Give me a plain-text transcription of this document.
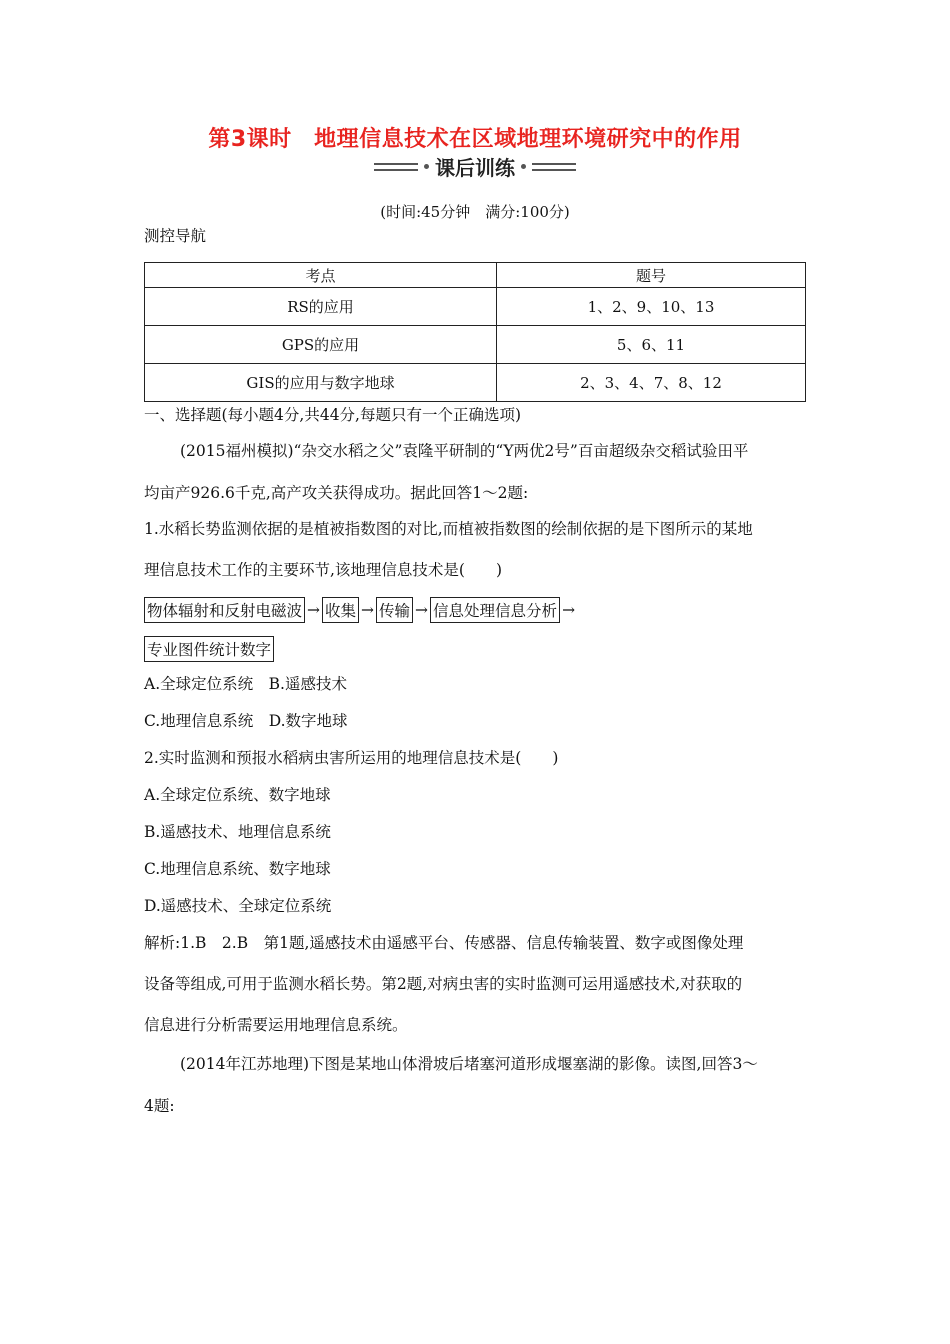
第3课时　地理信息技术在区域地理环境研究中的作用
课后训练
(时间:45分钟　满分:100分)
测控导航
考点	题号
RS的应用	1、2、9、10、13
GPS的应用	5、6、11
GIS的应用与数字地球	2、3、4、7、8、12
一、选择题(每小题4分,共44分,每题只有一个正确选项)
(2015福州模拟)“杂交水稻之父”袁隆平研制的“Y两优2号”百亩超级杂交稻试验田平
均亩产926.6千克,高产攻关获得成功。据此回答1～2题:
1.水稻长势监测依据的是植被指数图的对比,而植被指数图的绘制依据的是下图所示的某地
理信息技术工作的主要环节,该地理信息技术是(　　)
物体辐射和反射电磁波 → 收集 → 传输 → 信息处理信息分析 →
专业图件统计数字
A.全球定位系统　B.遥感技术
C.地理信息系统　D.数字地球
2.实时监测和预报水稻病虫害所运用的地理信息技术是(　　)
A.全球定位系统、数字地球
B.遥感技术、地理信息系统
C.地理信息系统、数字地球
D.遥感技术、全球定位系统
解析:1.B　2.B　第1题,遥感技术由遥感平台、传感器、信息传输装置、数字或图像处理
设备等组成,可用于监测水稻长势。第2题,对病虫害的实时监测可运用遥感技术,对获取的
信息进行分析需要运用地理信息系统。
(2014年江苏地理)下图是某地山体滑坡后堵塞河道形成堰塞湖的影像。读图,回答3～
4题:
